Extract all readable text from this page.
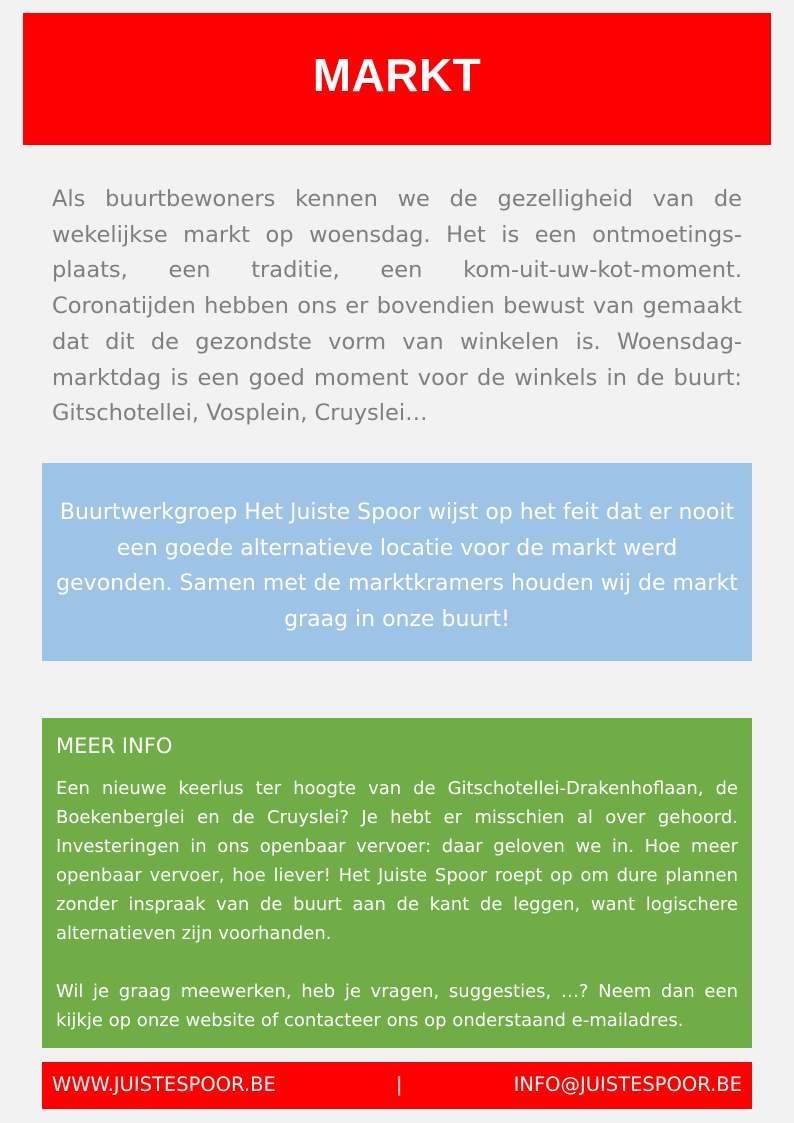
MARKT

Als buurtbewoners kennen we de gezelligheid van de wekelijkse markt op woensdag. Het is een ontmoetings-plaats, een traditie, een kom-uit-uw-kot-moment. Coronatijden hebben ons er bovendien bewust van gemaakt dat dit de gezondste vorm van winkelen is. Woensdag-marktdag is een goed moment voor de winkels in de buurt: Gitschotellei, Vosplein, Cruyslei…

Buurtwerkgroep Het Juiste Spoor wijst op het feit dat er nooit een goede alternatieve locatie voor de markt werd gevonden. Samen met de marktkramers houden wij de markt graag in onze buurt!

MEER INFO

Een nieuwe keerlus ter hoogte van de Gitschotellei-Drakenhoflaan, de Boekenberglei en de Cruyslei? Je hebt er misschien al over gehoord. Investeringen in ons openbaar vervoer: daar geloven we in. Hoe meer openbaar vervoer, hoe liever! Het Juiste Spoor roept op om dure plannen zonder inspraak van de buurt aan de kant de leggen, want logischere alternatieven zijn voorhanden.

Wil je graag meewerken, heb je vragen, suggesties, …? Neem dan een kijkje op onze website of contacteer ons op onderstaand e-mailadres.

WWW.JUISTESPOOR.BE	|	INFO@JUISTESPOOR.BE
